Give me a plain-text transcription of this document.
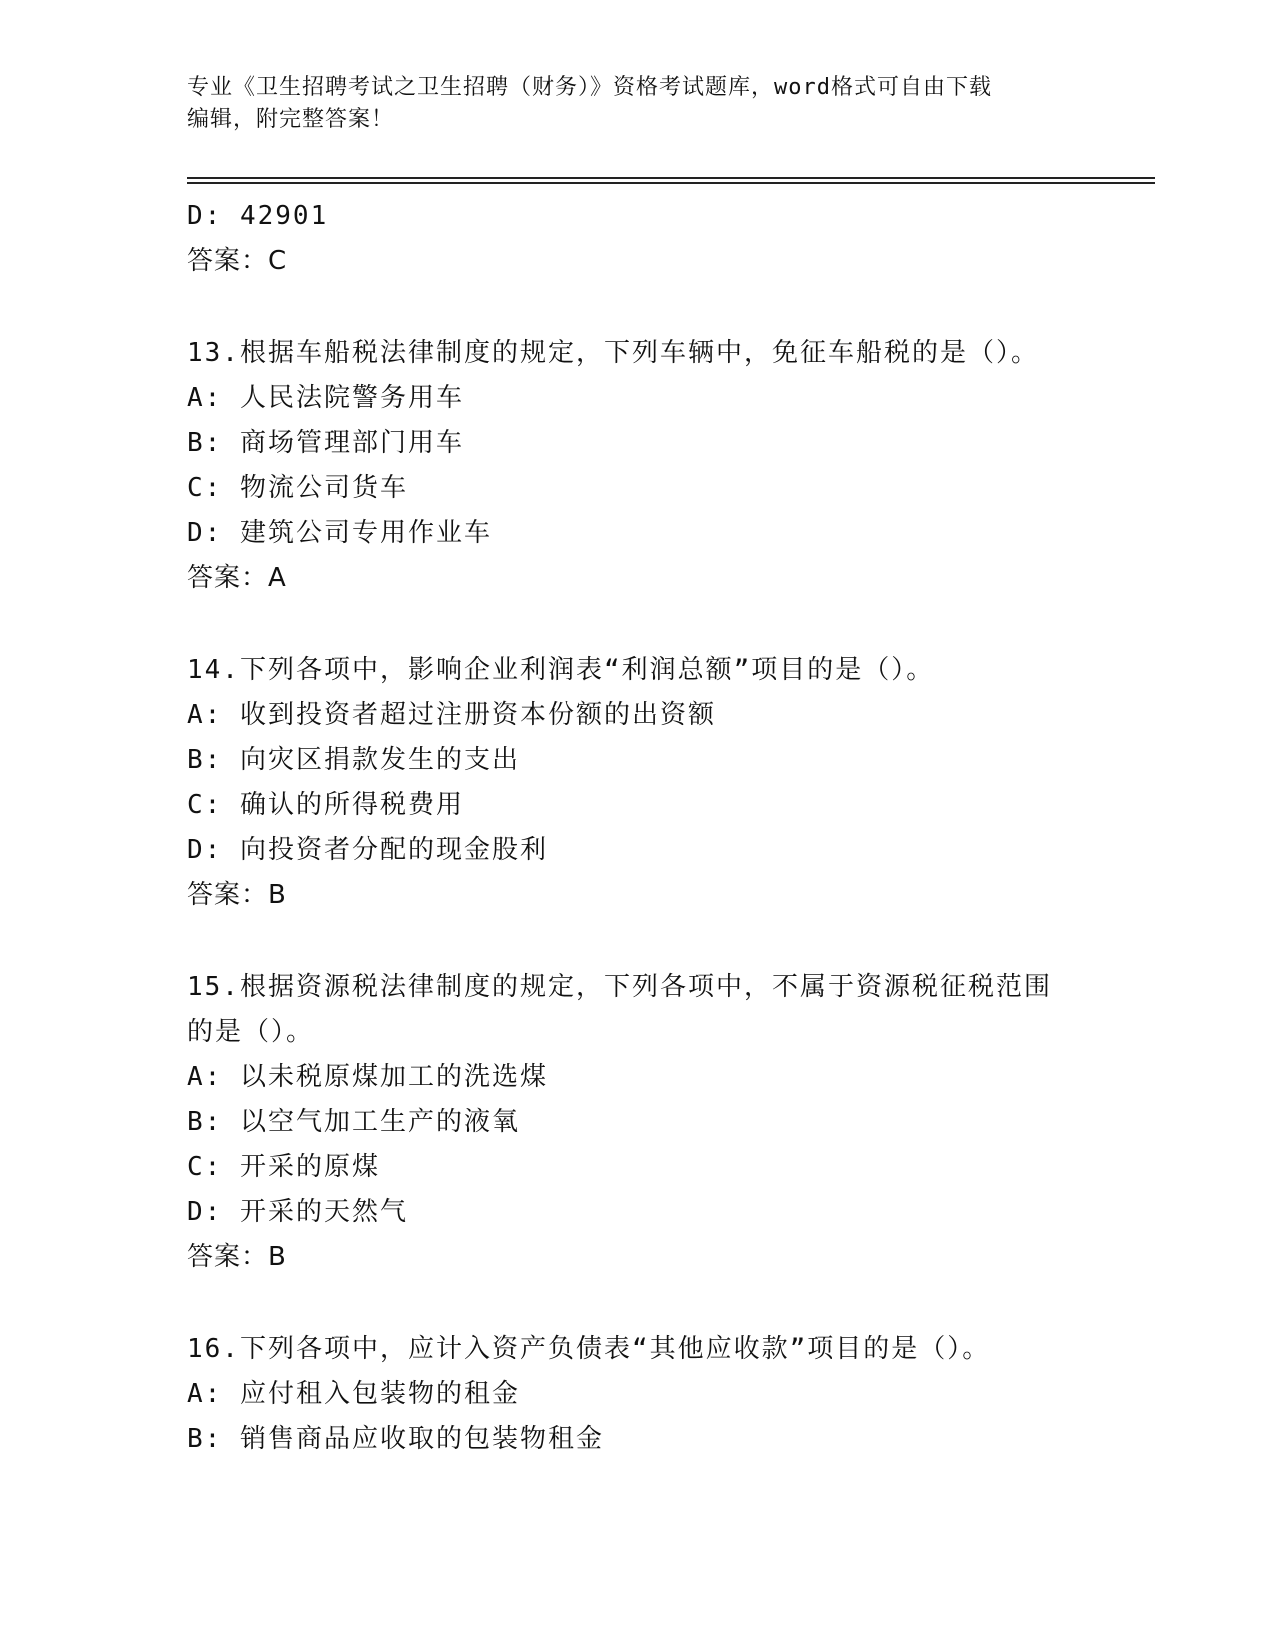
专业《卫生招聘考试之卫生招聘（财务）》资格考试题库，word格式可自由下载
编辑，附完整答案！
D: 42901
答案：C
13.根据车船税法律制度的规定，下列车辆中，免征车船税的是（）。
A: 人民法院警务用车
B: 商场管理部门用车
C: 物流公司货车
D: 建筑公司专用作业车
答案：A
14.下列各项中，影响企业利润表“利润总额”项目的是（）。
A: 收到投资者超过注册资本份额的出资额
B: 向灾区捐款发生的支出
C: 确认的所得税费用
D: 向投资者分配的现金股利
答案：B
15.根据资源税法律制度的规定，下列各项中，不属于资源税征税范围
的是（）。
A: 以未税原煤加工的洗选煤
B: 以空气加工生产的液氧
C: 开采的原煤
D: 开采的天然气
答案：B
16.下列各项中，应计入资产负债表“其他应收款”项目的是（）。
A: 应付租入包装物的租金
B: 销售商品应收取的包装物租金
